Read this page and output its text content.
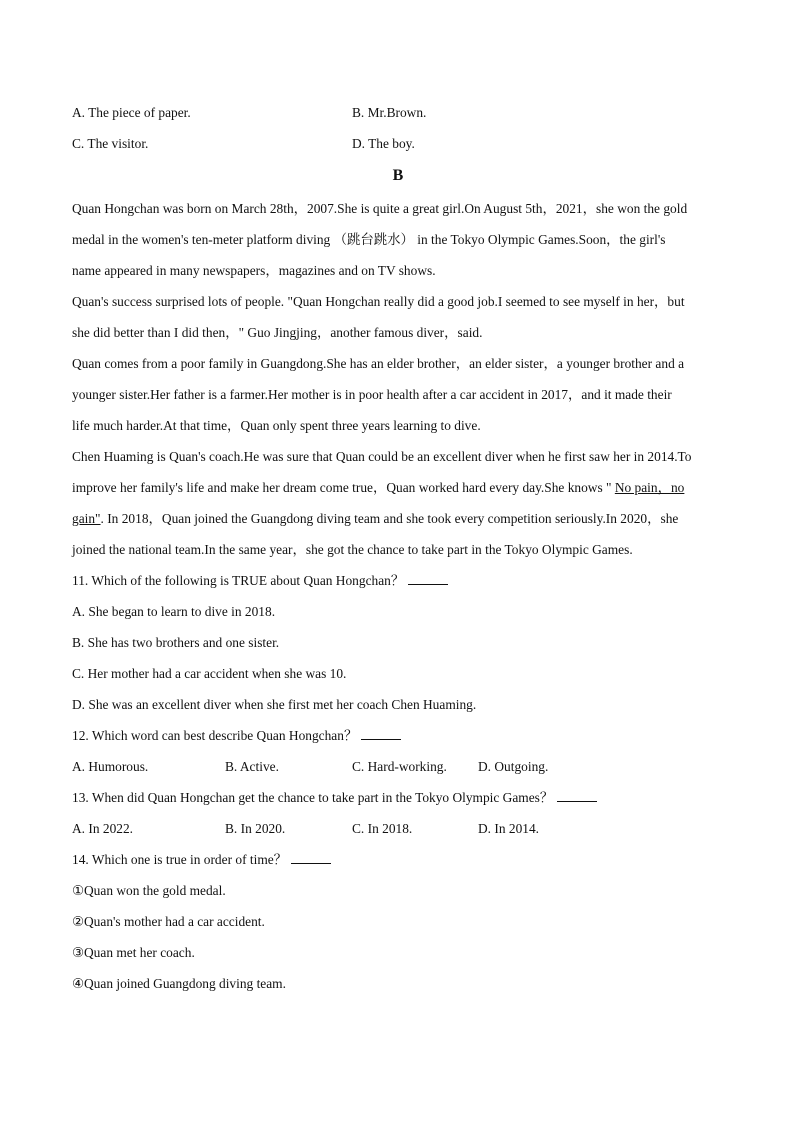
A. The piece of paper.	B. Mr.Brown.
C. The visitor.	D. The boy.
B
Quan Hongchan was born on March 28th，2007.She is quite a great girl.On August 5th，2021，she won the gold
medal in the women's ten-meter platform diving （跳台跳水） in the Tokyo Olympic Games.Soon，the girl's
name appeared in many newspapers，magazines and on TV shows.
Quan's success surprised lots of people. "Quan Hongchan really did a good job.I seemed to see myself in her，but
she did better than I did then，" Guo Jingjing，another famous diver，said.
Quan comes from a poor family in Guangdong.She has an elder brother，an elder sister，a younger brother and a
younger sister.Her father is a farmer.Her mother is in poor health after a car accident in 2017，and it made their
life much harder.At that time，Quan only spent three years learning to dive.
Chen Huaming is Quan's coach.He was sure that Quan could be an excellent diver when he first saw her in 2014.To
improve her family's life and make her dream come true，Quan worked hard every day.She knows " No pain，no
gain". In 2018，Quan joined the Guangdong diving team and she took every competition seriously.In 2020，she
joined the national team.In the same year，she got the chance to take part in the Tokyo Olympic Games.
11. Which of the following is TRUE about Quan Hongchan？
A. She began to learn to dive in 2018.
B. She has two brothers and one sister.
C. Her mother had a car accident when she was 10.
D. She was an excellent diver when she first met her coach Chen Huaming.
12. Which word can best describe Quan Hongchan？
A. Humorous.	B. Active.	C. Hard-working. D. Outgoing.
13. When did Quan Hongchan get the chance to take part in the Tokyo Olympic Games？
A. In 2022.	B. In 2020.	C. In 2018.	D. In 2014.
14. Which one is true in order of time？
①Quan won the gold medal.
②Quan's mother had a car accident.
③Quan met her coach.
④Quan joined Guangdong diving team.
